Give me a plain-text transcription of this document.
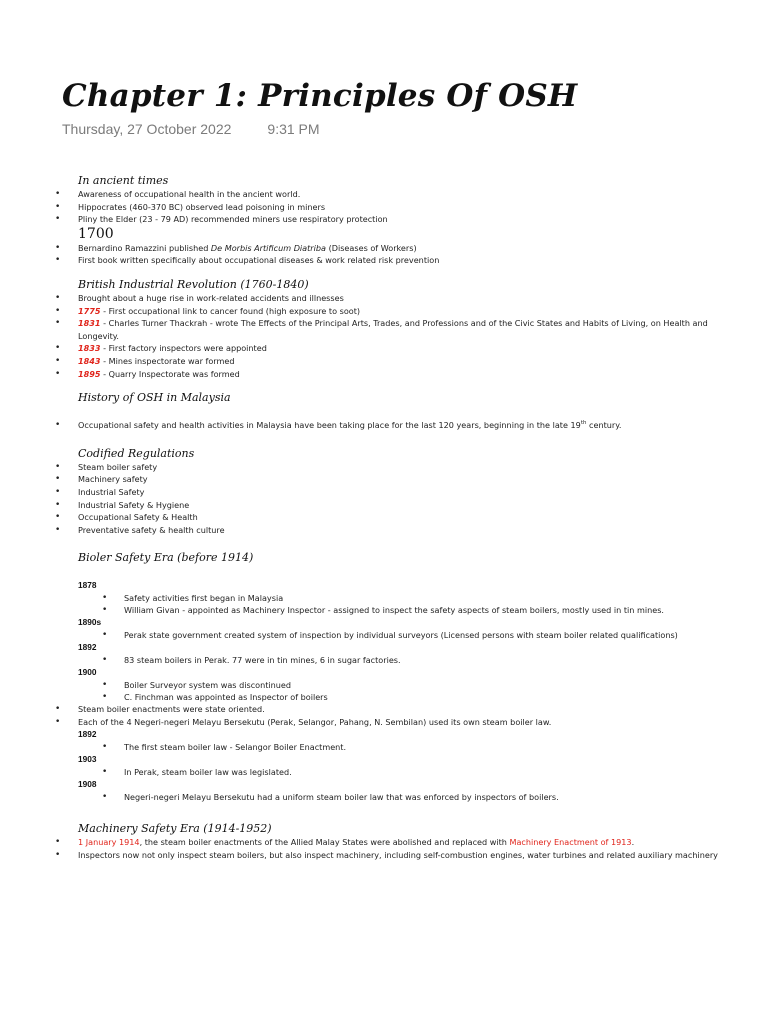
Chapter 1: Principles Of OSH
Thursday, 27 October 2022	9:31 PM
In ancient times
• Awareness of occupational health in the ancient world.
• Hippocrates (460-370 BC) observed lead poisoning in miners
• Pliny the Elder (23 - 79 AD) recommended miners use respiratory protection
1700
• Bernardino Ramazzini published De Morbis Artificum Diatriba (Diseases of Workers)
• First book written specifically about occupational diseases & work related risk prevention
British Industrial Revolution (1760-1840)
• Brought about a huge rise in work-related accidents and illnesses
• 1775 - First occupational link to cancer found (high exposure to soot)
• 1831 - Charles Turner Thackrah - wrote The Effects of the Principal Arts, Trades, and Professions and of the Civic States and Habits of Living, on Health and Longevity.
• 1833 - First factory inspectors were appointed
• 1843 - Mines inspectorate war formed
• 1895 - Quarry Inspectorate was formed
History of OSH in Malaysia
• Occupational safety and health activities in Malaysia have been taking place for the last 120 years, beginning in the late 19th century.
Codified Regulations
• Steam boiler safety
• Machinery safety
• Industrial Safety
• Industrial Safety & Hygiene
• Occupational Safety & Health
• Preventative safety & health culture
Bioler Safety Era (before 1914)
1878
• Safety activities first began in Malaysia
• William Givan - appointed as Machinery Inspector - assigned to inspect the safety aspects of steam boilers, mostly used in tin mines.
1890s
• Perak state government created system of inspection by individual surveyors (Licensed persons with steam boiler related qualifications)
1892
• 83 steam boilers in Perak. 77 were in tin mines, 6 in sugar factories.
1900
• Boiler Surveyor system was discontinued
• C. Finchman was appointed as Inspector of boilers
• Steam boiler enactments were state oriented.
• Each of the 4 Negeri-negeri Melayu Bersekutu (Perak, Selangor, Pahang, N. Sembilan) used its own steam boiler law.
1892
• The first steam boiler law - Selangor Boiler Enactment.
1903
• In Perak, steam boiler law was legislated.
1908
• Negeri-negeri Melayu Bersekutu had a uniform steam boiler law that was enforced by inspectors of boilers.
Machinery Safety Era (1914-1952)
• 1 January 1914, the steam boiler enactments of the Allied Malay States were abolished and replaced with Machinery Enactment of 1913.
• Inspectors now not only inspect steam boilers, but also inspect machinery, including self-combustion engines, water turbines and related auxiliary machinery
